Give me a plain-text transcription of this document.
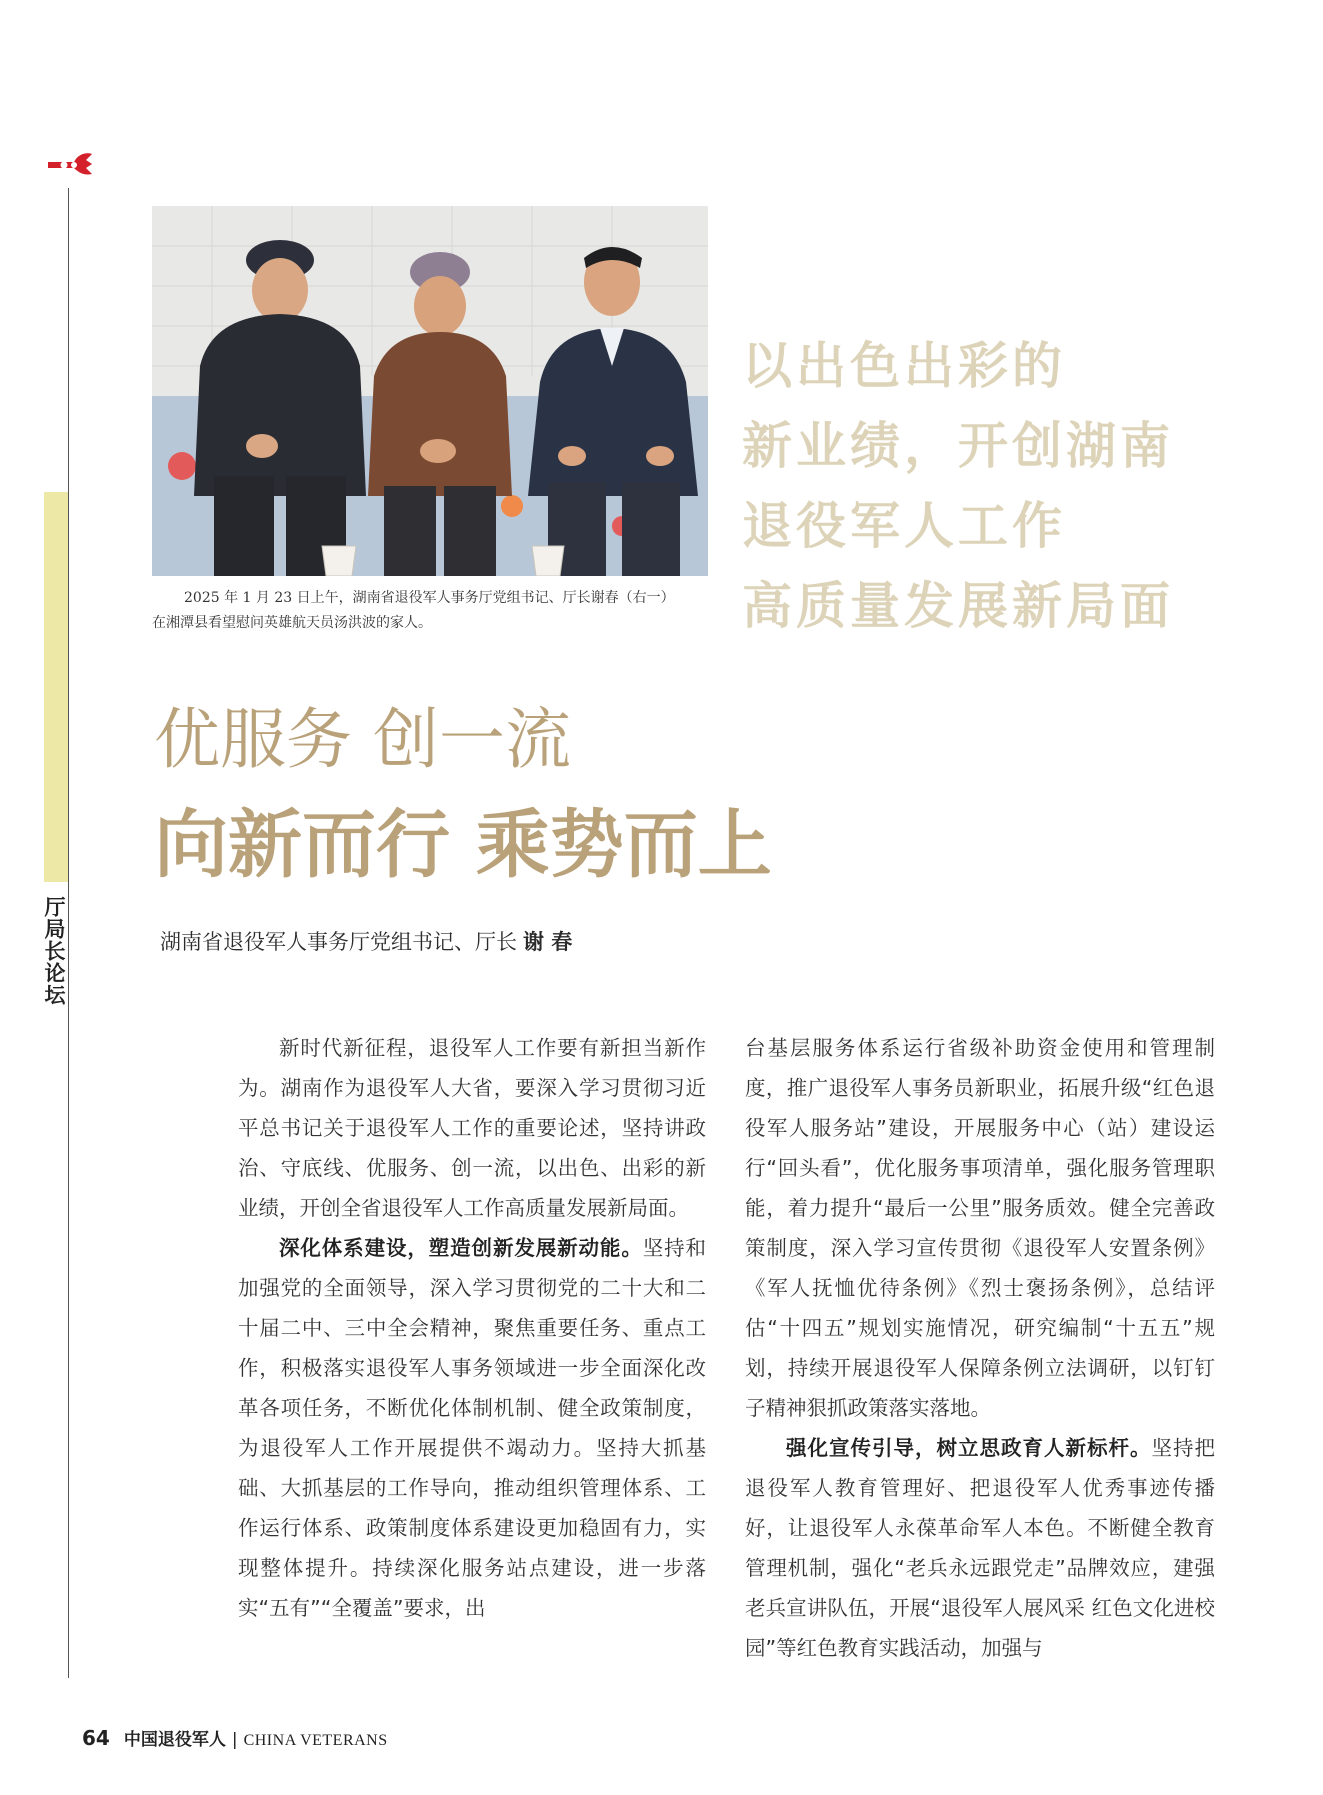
厅局长论坛
2025 年 1 月 23 日上午，湖南省退役军人事务厅党组书记、厅长谢春（右一）
在湘潭县看望慰问英雄航天员汤洪波的家人。
以出色出彩的
新业绩，开创湖南
退役军人工作
高质量发展新局面
优服务 创一流
向新而行 乘势而上
湖南省退役军人事务厅党组书记、厅长 谢 春

新时代新征程，退役军人工作要有新担当新作为。湖南作为退役军人大省，要深入学习贯彻习近平总书记关于退役军人工作的重要论述，坚持讲政治、守底线、优服务、创一流，以出色、出彩的新业绩，开创全省退役军人工作高质量发展新局面。

深化体系建设，塑造创新发展新动能。坚持和加强党的全面领导，深入学习贯彻党的二十大和二十届二中、三中全会精神，聚焦重要任务、重点工作，积极落实退役军人事务领域进一步全面深化改革各项任务，不断优化体制机制、健全政策制度，为退役军人工作开展提供不竭动力。坚持大抓基础、大抓基层的工作导向，推动组织管理体系、工作运行体系、政策制度体系建设更加稳固有力，实现整体提升。持续深化服务站点建设，进一步落实“五有”“全覆盖”要求，出

台基层服务体系运行省级补助资金使用和管理制度，推广退役军人事务员新职业，拓展升级“红色退役军人服务站”建设，开展服务中心（站）建设运行“回头看”，优化服务事项清单，强化服务管理职能，着力提升“最后一公里”服务质效。健全完善政策制度，深入学习宣传贯彻《退役军人安置条例》《军人抚恤优待条例》《烈士褒扬条例》，总结评估“十四五”规划实施情况，研究编制“十五五”规划，持续开展退役军人保障条例立法调研，以钉钉子精神狠抓政策落实落地。

强化宣传引导，树立思政育人新标杆。坚持把退役军人教育管理好、把退役军人优秀事迹传播好，让退役军人永葆革命军人本色。不断健全教育管理机制，强化“老兵永远跟党走”品牌效应，建强老兵宣讲队伍，开展“退役军人展风采 红色文化进校园”等红色教育实践活动，加强与

64 中国退役军人 | CHINA VETERANS
